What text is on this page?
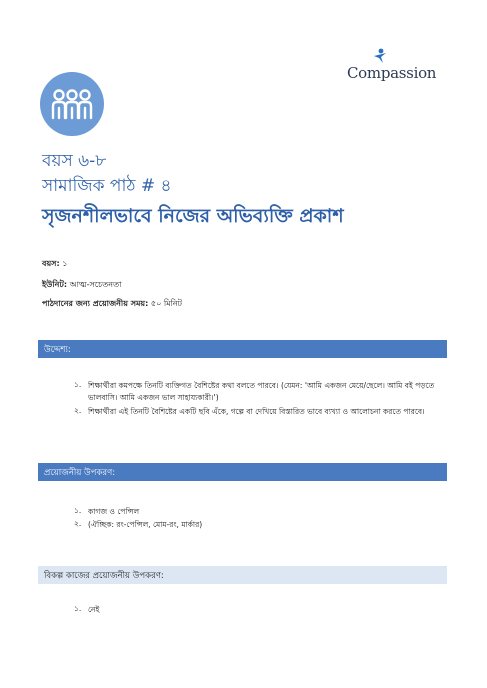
Compassion
বয়স ৬-৮
সামাজিক পাঠ # ৪
সৃজনশীলভাবে নিজের অভিব্যক্তি প্রকাশ
বয়স: ১
ইউনিট: আত্ম-সচেতনতা
পাঠদানের জন্য প্রয়োজনীয় সময়: ৫০ মিনিট
উদ্দেশ্য:
১. শিক্ষার্থীরা কমপক্ষে তিনটি ব্যক্তিগত বৈশিষ্টের কথা বলতে পারবে। (যেমন: 'আমি একজন মেয়ে/ছেলে। আমি বই পড়তে ভালবাসি। আমি একজন ভাল সাহায্যকারী।')
২. শিক্ষার্থীরা এই তিনটি বৈশিষ্টের একটি ছবি এঁকে, গল্পে বা দেখিয়ে বিস্তারিত ভাবে ব্যখ্যা ও আলোচনা করতে পারবে।
প্রয়োজনীয় উপকরণ:
১. কাগজ ও পেন্সিল
২. (ঐচ্ছিক: রং-পেন্সিল, মোম-রং, মার্কার)
বিকল্প কাজের প্রয়োজনীয় উপকরণ:
১. নেই
